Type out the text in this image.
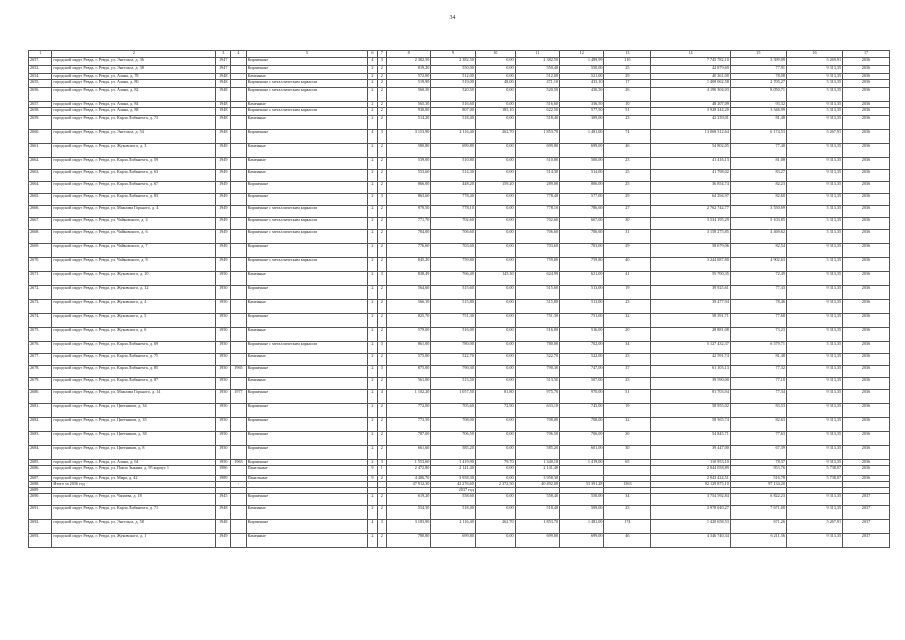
34
1	2	3	4	5	6	7	8	9	10	11	12	13	14	15	16	17
2657.	городской округ Ревда, г. Ревда, ул. Энгельса, д. 36	1947		Кирпичные	4	3	2 382,50	2 382,50	0,00	2 382,50	1 489,99	116	7 745 782,10	3 399,09	5 269,91	2036
2652.	городской округ Ревда, г. Ревда, ул. Энгельса, д. 38	1947		Кирпичные	2	2	819,20	550,00	0,00	550,40	550,00	25	42 879,69	77,91	9 313,35	2036
2654.	городской округ Ревда, г. Ревда, ул. Азина, д. 78	1948		Каменные	2	2	572,00	512,00	0,00	512,00	521,00	29	40 361,00	78,08	9 313,35	2036
2655.	городской округ Ревда, г. Ревда, ул. Азина, д. 80	1948		Кирпичные с металлическим каркасом	2	2	519,90	519,00	48,00	471,10	433,10	17	1 408 062,58	2 705,27	5 313,35	2036
2656.	городской округ Ревда, г. Ревда, ул. Азина, д. 82	1948		Кирпичные с металлическим каркасом	2	2	560,30	520,50	0,00	520,50	430,50	26	4 190 304,03	8 050,71	5 313,35	2036
2657.	городской округ Ревда, г. Ревда, ул. Азина, д. 84	1948		Каменные	2	2	565,30	516,60	0,00	516,60	336,50	10	48 207,09	93,32	9 313,35	2036
2658.	городской округ Ревда, г. Ревда, ул. Азина, д. 88	1948		Кирпичные с металлическим каркасом	2	2	930,00	807,00	185,10	622,50	577,50	51	3 928 244,20	3 346,99	5 313,35	2036
2659.	городской округ Ревда, г. Ревда, ул. Карла Либкнехта, д. 73	1948		Каменные	2	2	514,20	518,40	0,00	518,40	309,00	23	42 239,01	81,48	9 313,35	2036
2660.	городской округ Ревда, г. Ревда, ул. Энгельса, д. 54	1948		Кирпичные	4	3	3 153,90	2 116,40	262,70	1 853,70	1 481,00	74	13 068 312,64	6 174,53	5 267,91	2036
2661.	городской округ Ревда, г. Ревда, ул. Жуковского, д. 3	1949		Каменные	2	2	580,80	699,80	0,00	699,80	699,00	46	54 802,05	77,40	9 313,35	2036
2662.	городской округ Ревда, г. Ревда, ул. Карла Либкнехта, д. 59	1949		Каменные	2	2	539,00	510,80	0,00	510,80	500,00	23	41 416,13	81,08	9 313,35	2036
2663.	городской округ Ревда, г. Ревда, ул. Карла Либкнехта, д. 63	1949		Каменные	2	2	553,60	514,30	0,00	514,30	514,00	25	41 798,02	83,27	9 313,35	2036
2664.	городской округ Ревда, г. Ревда, ул. Карла Либкнехта, д. 67	1949		Кирпичные	2	2	866,00	448,20	159,20	289,00	806,00	25	36 854,74	82,23	9 313,35	2036
2665.	городской округ Ревда, г. Ревда, ул. Карла Либкнехта, д. 83	1949		Кирпичные	2	3	863,60	778,40	0,00	778,40	577,00	29	64 294,97	82,60	9 313,35	2036
2666.	городской округ Ревда, г. Ревда, ул. Максима Горького, д. 4	1949		Кирпичные с металлическим каркасом	2	2	970,50	778,10	0,00	778,10	786,60	27	2 762 742,77	3 550,69	5 313,35	2036
2667.	городской округ Ревда, г. Ревда, ул. Чайковского, д. 4	1949		Кирпичные с металлическим каркасом	2	2	771,70	702,60	0,00	702,60	667,00	30	3 534 195,29	5 103,85	5 313,35	2036
2668.	городской округ Ревда, г. Ревда, ул. Чайковского, д. 6	1949		Кирпичные с металлическим каркасом	2	2	784,00	706,60	0,00	706,60	706,60	31	3 158 275,85	4 469,62	5 313,35	2036
2669.	городской округ Ревда, г. Ревда, ул. Чайковского, д. 7	1949		Кирпичные	2	2	776,60	703,60	0,00	703,60	703,00	29	58 679,06	82,54	9 313,35	2036
2670.	городской округ Ревда, г. Ревда, ул. Чайковского, д. 8	1949		Кирпичные с металлическим каркасом	2	2	845,20	759,80	0,00	759,80	759,80	40	3 244 687,80	4 902,63	5 313,35	2036
2671.	городской округ Ревда, г. Ревда, ул. Жуковского, д. 10	1950		Каменные	2	3	838,49	766,40	145,30	624,99	621,00	41	55 700,35	72,49	9 313,35	2036
2672.	городской округ Ревда, г. Ревда, ул. Жуковского, д. 12	1950		Кирпичные	2	2	564,60	515,60	0,00	515,60	513,00	19	39 925,61	77,43	9 313,35	2036
2673.	городской округ Ревда, г. Ревда, ул. Жуковского, д. 4	1950		Каменные	2	2	566,10	515,80	0,00	515,80	513,00	23	39 477,94	78,46	9 313,35	2036
2674.	городской округ Ревда, г. Ревда, ул. Жуковского, д. 5	1950		Кирпичные	2	2	825,70	751,30	0,00	751,30	751,00	32	58 391,71	77,68	9 313,35	2036
2675.	городской округ Ревда, г. Ревда, ул. Жуковского, д. 6	1950		Каменные	2	2	579,00	516,00	0,00	516,00	516,00	20	28 881,08	73,23	9 313,35	2036
2676.	городской округ Ревда, г. Ревда, ул. Карла Либкнехта, д. 69	1950		Кирпичные с металлическим каркасом	2	3	861,00	780,00	0,00	780,00	702,00	34	5 127 432,37	6 579,71	5 313,35	2036
2677.	городской округ Ревда, г. Ревда, ул. Карла Либкнехта, д. 75	1950		Каменные	2	2	575,00	522,70	0,00	522,70	522,00	23	42 591,74	81,48	9 313,35	2036
2678.	городской округ Ревда, г. Ревда, ул. Карла Либкнехта, д. 85	1950	1965	Кирпичные	2	3	875,00	790,30	0,00	790,30	747,00	37	61 103,13	77,32	9 313,35	2036
2679.	городской округ Ревда, г. Ревда, ул. Карла Либкнехта, д. 87	1950		Каменные	2	2	561,00	513,50	0,00	513,50	507,00	23	39 590,00	77,10	9 313,35	2036
2680.	городской округ Ревда, г. Ревда, ул. Максима Горького, д. 14	1950	1977	Кирпичные	2	4	1 102,20	1 057,50	81,80	975,70	970,00	51	81 703,94	77,34	9 313,35	2036
2681.	городской округ Ревда, г. Ревда, ул. Цветников, д. 34	1950		Кирпичные	2	2	772,00	705,60	72,90	633,10	745,00	19	58 955,02	83,53	9 313,35	2036
2682.	городской округ Ревда, г. Ревда, ул. Цветников, д. 35	1950		Кирпичные	2	2	773,50	708,00	0,00	708,00	708,00	32	58 565,74	82,63	9 313,35	2036
2683.	городской округ Ревда, г. Ревда, ул. Цветников, д. 38	1950		Кирпичные	2	2	787,00	706,50	0,00	706,50	706,00	30	54 845,71	77,63	9 313,35	2036
2684.	городской округ Ревда, г. Ревда, ул. Цветников, д. 8	1950		Кирпичные	2	2	661,60	585,20	0,00	585,20	601,00	30	39 447,00	67,39	9 313,35	2036
2685.	городской округ Ревда, г. Ревда, ул. Азина, д. 64	1950	1963	Кирпичные	2	3	1 553,60	1 419,90	79,70	1 340,10	1 419,00	65	110 953,10	78,37	9 313,35	2036
2686.	городской округ Ревда, г. Ревда, ул. Павла Зыкина, д. 95 корпус 1	1986		Панельные	9	1	2 472,80	2 141,40	0,00	2 141,40			2 044 058,89	953,76	5 738,07	2036
2687.	городской округ Ревда, г. Ревда, ул. Мира, д. 42	1989		Панельные	9	2	4 406,70	3 958,30	0,00	3 958,30			2 043 424,51	516,78	5 738,07	2036
2688.	Итого за 2036 год		-	-			47 912,30	42 276,60	2 372,50	40 492,00	33 391,28	1563	92 129 875,10	97 134,20		
2689								2037 год								
2690.	городской округ Ревда, г. Ревда, ул. Чапаева, д. 18	1945		Кирпичные	2	2	619,20	558,60	0,00	558,40	550,00	34	3 754 592,84	6 822,23	9 313,35	2037
2691.	городской округ Ревда, г. Ревда, ул. Карла Либкнехта, д. 71	1948		Каменные	2	2	554,30	518,40	0,00	518,40	509,00	23	3 978 040,27	7 671,00	9 313,35	2037
2692.	городской округ Ревда, г. Ревда, ул. Энгельса, д. 58	1948		Кирпичные	4	3	3 183,90	2 116,40	262,70	1 853,70	1 481,00	174	1 420 658,53	671,26	5 267,91	2037
2693.	городской округ Ревда, г. Ревда, ул. Жуковского, д. 1	1949		Каменные	2	2	780,80	699,80	0,00	699,80	699,00	46	4 346 740,34	6 211,36	9 313,35	2037
